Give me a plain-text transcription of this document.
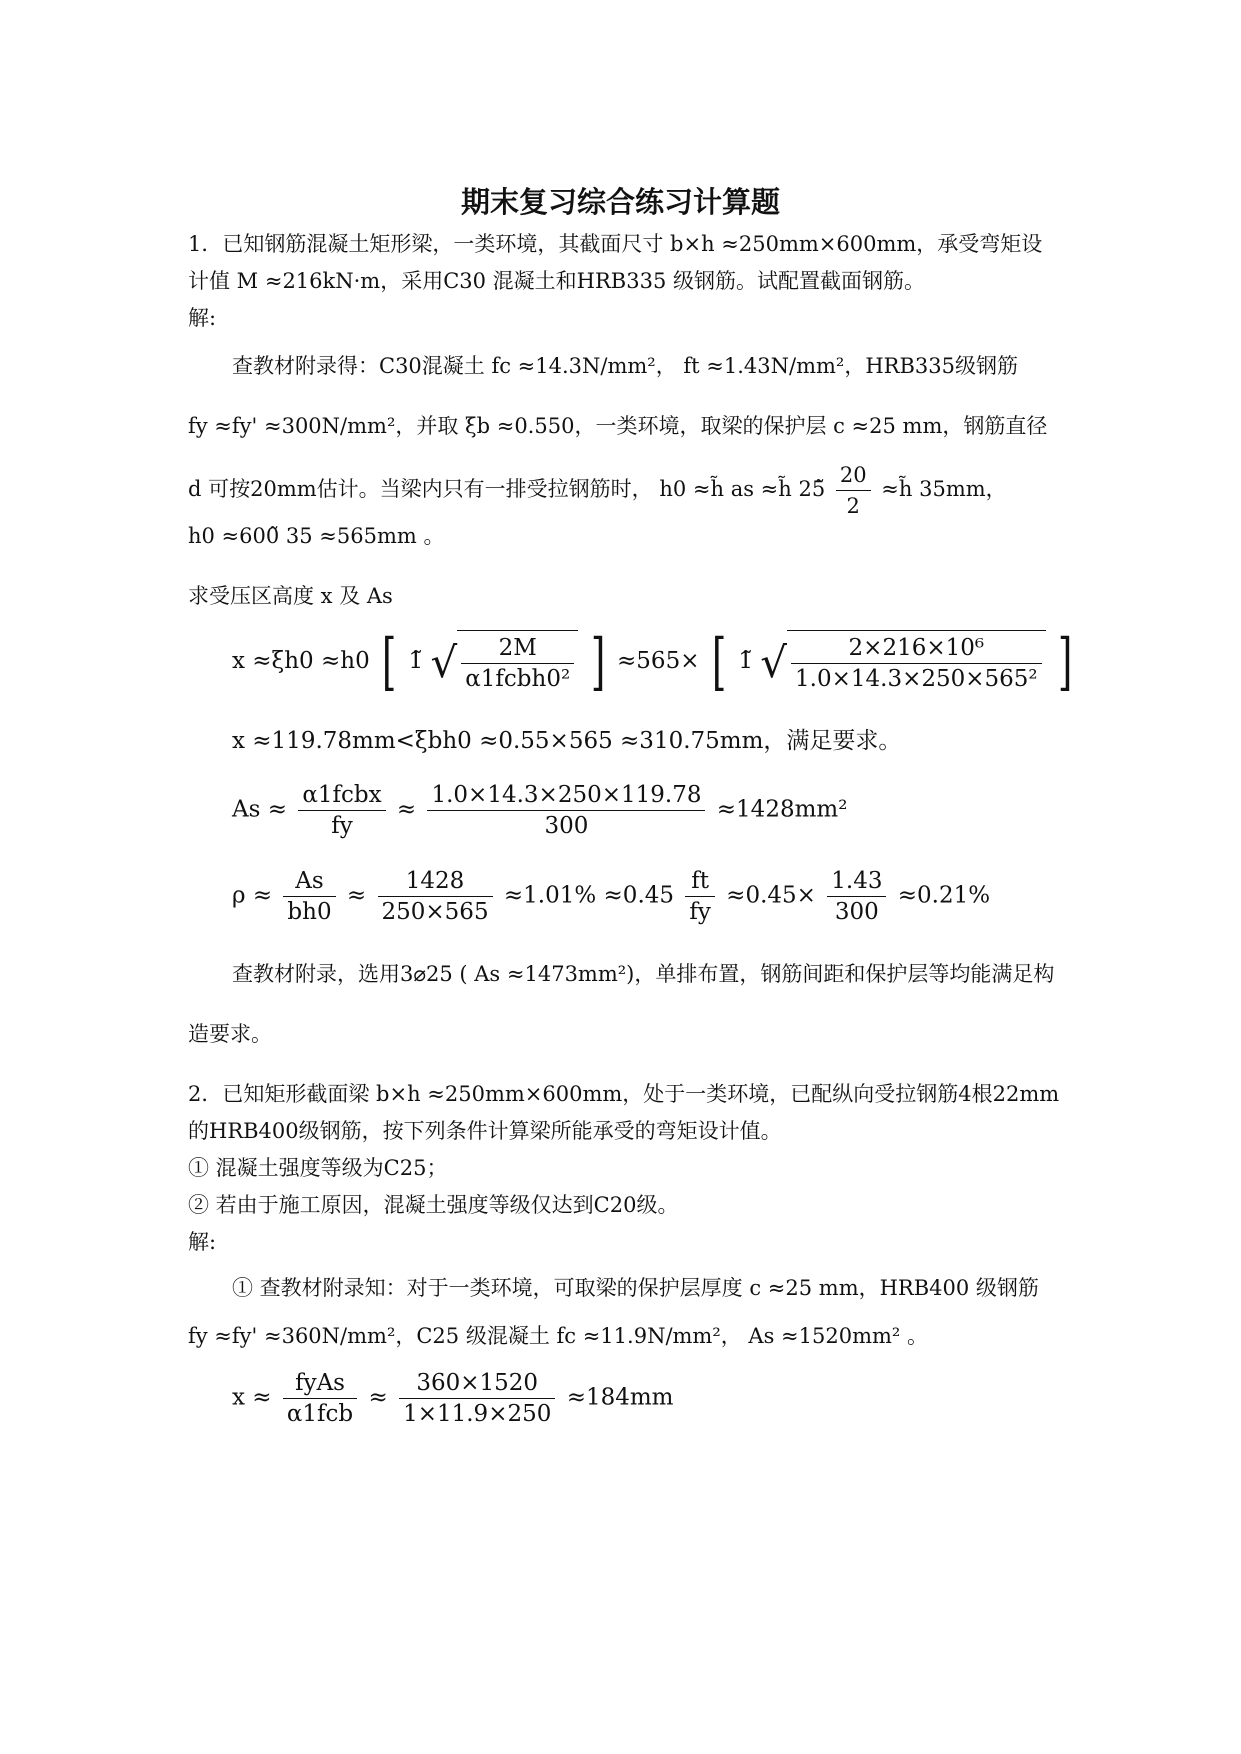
期末复习综合练习计算题
1．已知钢筋混凝土矩形梁，一类环境，其截面尺寸 b×h ≈250mm×600mm，承受弯矩设
计值 M ≈216kN·m，采用C30 混凝土和HRB335 级钢筋。试配置截面钢筋。
解:
查教材附录得：C30混凝土 fc ≈14.3N/mm²， ft ≈1.43N/mm²，HRB335级钢筋
fy ≈fy' ≈300N/mm²，并取 ξb ≈0.550，一类环境，取梁的保护层 c ≈25 mm，钢筋直径
d 可按20mm估计。当梁内只有一排受拉钢筋时， h0 ≈h̃ as ≈h̃ 25̃ $\frac{20}{2}$ ≈h̃ 35mm，
h0 ≈600̃ 35 ≈565mm 。
求受压区高度 x 及 As
x ≈ξh0 ≈h0 [ 1̃ √ $\frac{2M}{\text{α1fcbh0²}}$ ] ≈565× [ 1̃ √ $\frac{\text{2×216×10⁶}}{\text{1.0×14.3×250×565²}}$ ]
x ≈119.78mm<ξbh0 ≈0.55×565 ≈310.75mm，满足要求。
$As \approx \frac{\text{α1fcbx}}{fy} \approx \frac{1.0\times 14.3\times 250\times 119.78}{300} \approx 1428mm^2$
$\rho \approx \frac{As}{bh0} \approx \frac{1428}{250\times 565} \approx 1.01\% \approx 0.45 \frac{ft}{fy} \approx 0.45\times \frac{1.43}{300} \approx 0.21\%$
查教材附录，选用3⌀25 ( As ≈1473mm²)，单排布置，钢筋间距和保护层等均能满足构
造要求。
2．已知矩形截面梁 b×h ≈250mm×600mm，处于一类环境，已配纵向受拉钢筋4根22mm
的HRB400级钢筋，按下列条件计算梁所能承受的弯矩设计值。
① 混凝土强度等级为C25；
② 若由于施工原因，混凝土强度等级仅达到C20级。
解:
① 查教材附录知：对于一类环境，可取梁的保护层厚度 c ≈25 mm，HRB400 级钢筋
fy ≈fy' ≈360N/mm²，C25 级混凝土 fc ≈11.9N/mm²， As ≈1520mm² 。
$x \approx \frac{\text{fyAs}}{\text{α1fcb}} \approx \frac{360\times 1520}{1\times 11.9\times 250} \approx 184mm$
